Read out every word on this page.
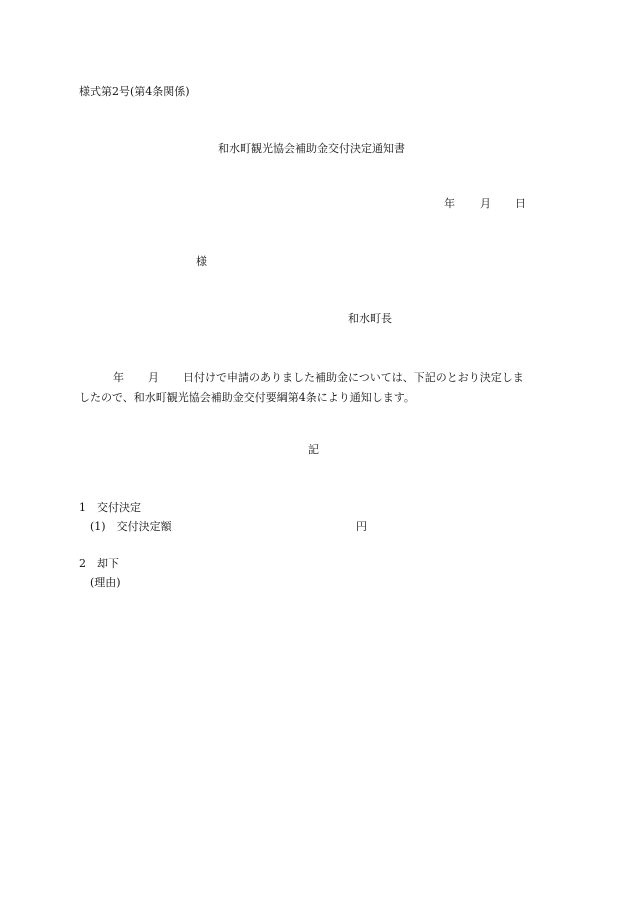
様式第2号(第4条関係)
和水町観光協会補助金交付決定通知書
年 月 日
様
和水町長
年 月 日付けで申請のありました補助金については、下記のとおり決定しま
したので、和水町観光協会補助金交付要綱第4条により通知します。
記
1　交付決定
(1)　交付決定額	円
2　却下
(理由)
